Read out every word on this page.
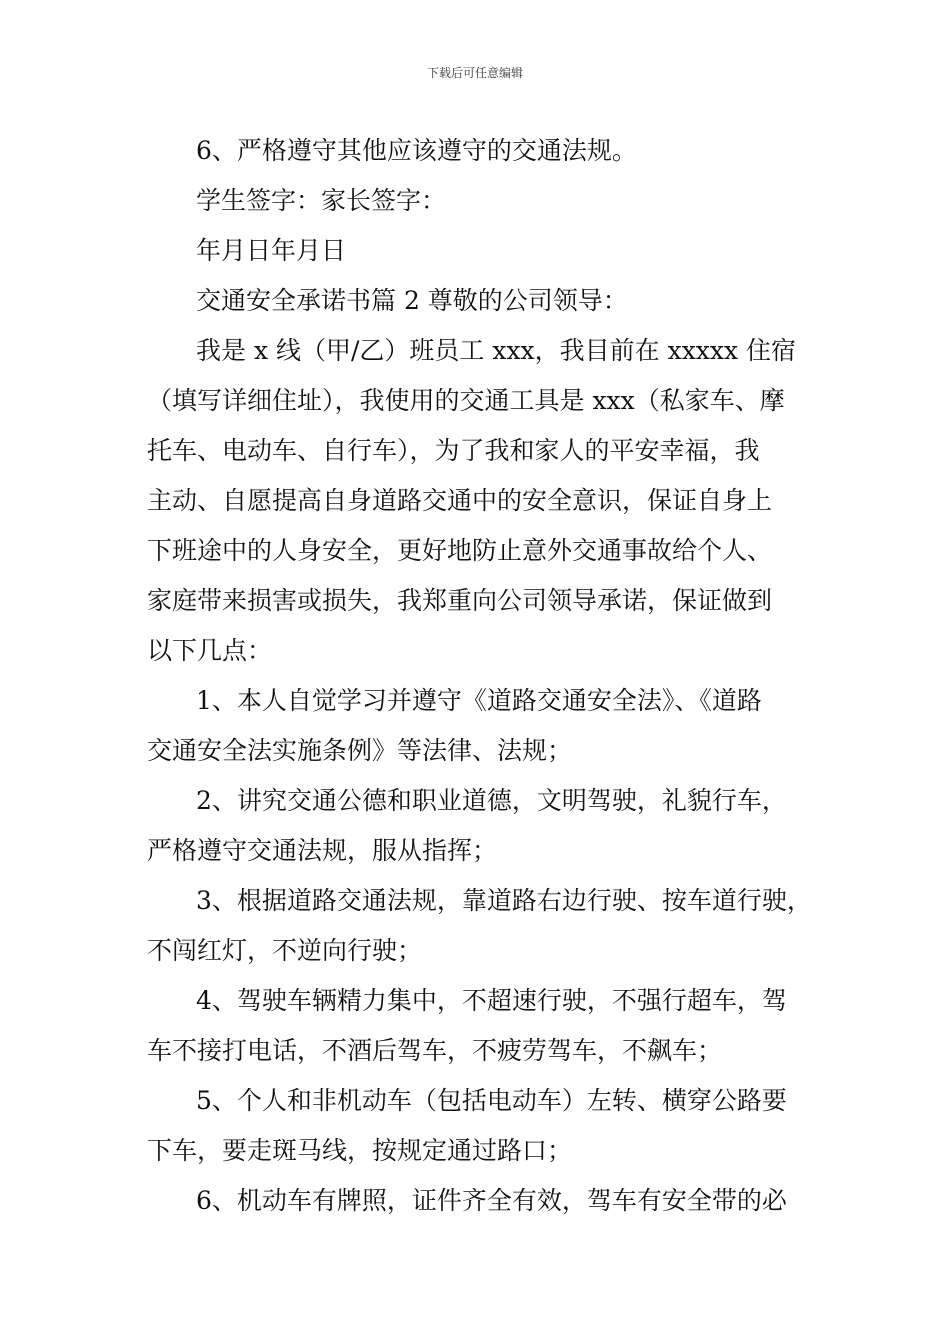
下载后可任意编辑

6、严格遵守其他应该遵守的交通法规。

学生签字：家长签字：

年月日年月日

交通安全承诺书篇 2 尊敬的公司领导：

我是 x 线（甲/乙）班员工 xxx，我目前在 xxxxx 住宿

（填写详细住址），我使用的交通工具是 xxx（私家车、摩

托车、电动车、自行车），为了我和家人的平安幸福，我

主动、自愿提高自身道路交通中的安全意识，保证自身上

下班途中的人身安全，更好地防止意外交通事故给个人、

家庭带来损害或损失，我郑重向公司领导承诺，保证做到

以下几点：

1、本人自觉学习并遵守《道路交通安全法》、《道路

交通安全法实施条例》等法律、法规；

2、讲究交通公德和职业道德，文明驾驶，礼貌行车，

严格遵守交通法规，服从指挥；

3、根据道路交通法规，靠道路右边行驶、按车道行驶，

不闯红灯，不逆向行驶；

4、驾驶车辆精力集中，不超速行驶，不强行超车，驾

车不接打电话，不酒后驾车，不疲劳驾车，不飙车；

5、个人和非机动车（包括电动车）左转、横穿公路要

下车，要走斑马线，按规定通过路口；

6、机动车有牌照，证件齐全有效，驾车有安全带的必
